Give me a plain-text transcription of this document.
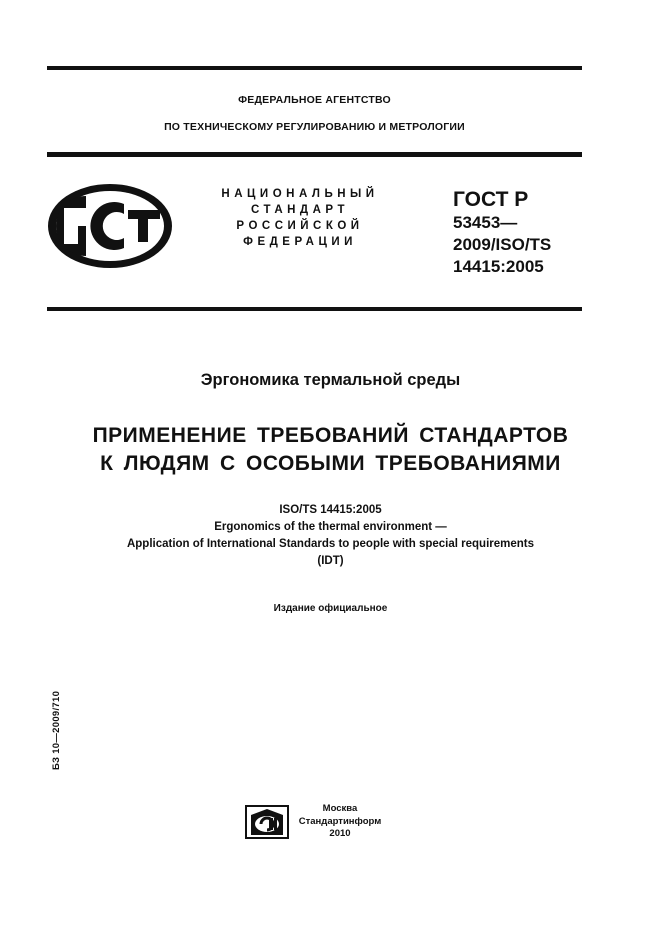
ФЕДЕРАЛЬНОЕ АГЕНТСТВО
ПО ТЕХНИЧЕСКОМУ РЕГУЛИРОВАНИЮ И МЕТРОЛОГИИ
НАЦИОНАЛЬНЫЙ
СТАНДАРТ
РОССИЙСКОЙ
ФЕДЕРАЦИИ
ГОСТ Р
53453—
2009/ISO/TS
14415:2005
Эргономика термальной среды
ПРИМЕНЕНИЕ ТРЕБОВАНИЙ СТАНДАРТОВ
К ЛЮДЯМ С ОСОБЫМИ ТРЕБОВАНИЯМИ
ISO/TS 14415:2005
Ergonomics of the thermal environment —
Application of International Standards to people with special requirements
(IDT)
Издание официальное
БЗ 10—2009/710
Москва
Стандартинформ
2010
